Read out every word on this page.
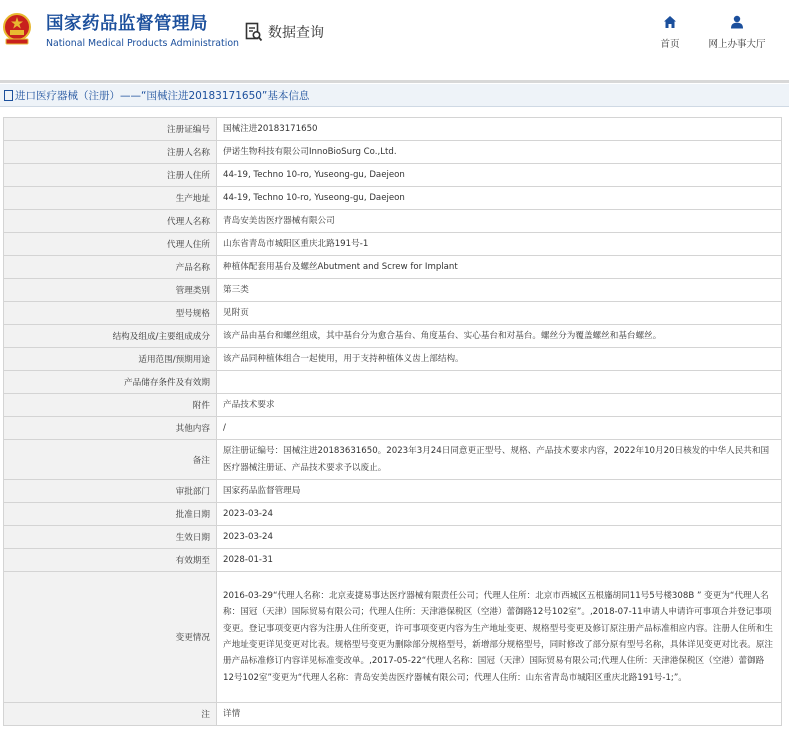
国家药品监督管理局
National Medical Products Administration
数据查询
首页	网上办事大厅
进口医疗器械（注册）——“国械注进20183171650”基本信息
注册证编号	国械注进20183171650
注册人名称	伊诺生物科技有限公司InnoBioSurg Co.,Ltd.
注册人住所	44-19, Techno 10-ro, Yuseong-gu, Daejeon
生产地址	44-19, Techno 10-ro, Yuseong-gu, Daejeon
代理人名称	青岛安美齿医疗器械有限公司
代理人住所	山东省青岛市城阳区重庆北路191号-1
产品名称	种植体配套用基台及螺丝Abutment and Screw for Implant
管理类别	第三类
型号规格	见附页
结构及组成/主要组成成分	该产品由基台和螺丝组成，其中基台分为愈合基台、角度基台、实心基台和对基台。螺丝分为覆盖螺丝和基台螺丝。
适用范围/预期用途	该产品同种植体组合一起使用，用于支持种植体义齿上部结构。
产品储存条件及有效期	
附件	产品技术要求
其他内容	/
备注	原注册证编号：国械注进20183631650。2023年3月24日同意更正型号、规格、产品技术要求内容，2022年10月20日核发的中华人民共和国医疗器械注册证、产品技术要求予以废止。
审批部门	国家药品监督管理局
批准日期	2023-03-24
生效日期	2023-03-24
有效期至	2028-01-31
变更情况	2016-03-29“代理人名称：北京麦捷易事达医疗器械有限责任公司；代理人住所：北京市西城区五根旛胡同11号5号楼308B ” 变更为“代理人名称：国冠（天津）国际贸易有限公司；代理人住所：天津港保税区（空港）蕾御路12号102室”。,2018-07-11申请人申请许可事项合并登记事项变更。登记事项变更内容为注册人住所变更，许可事项变更内容为生产地址变更、规格型号变更及修订原注册产品标准相应内容。注册人住所和生产地址变更详见变更对比表。规格型号变更为删除部分规格型号，新增部分规格型号，同时修改了部分原有型号名称，具体详见变更对比表。原注册产品标准修订内容详见标准变改单。,2017-05-22“代理人名称：国冠（天津）国际贸易有限公司;代理人住所：天津港保税区（空港）蕾御路12号102室”变更为“代理人名称：青岛安美齿医疗器械有限公司；代理人住所：山东省青岛市城阳区重庆北路191号-1;”。
注	详情
